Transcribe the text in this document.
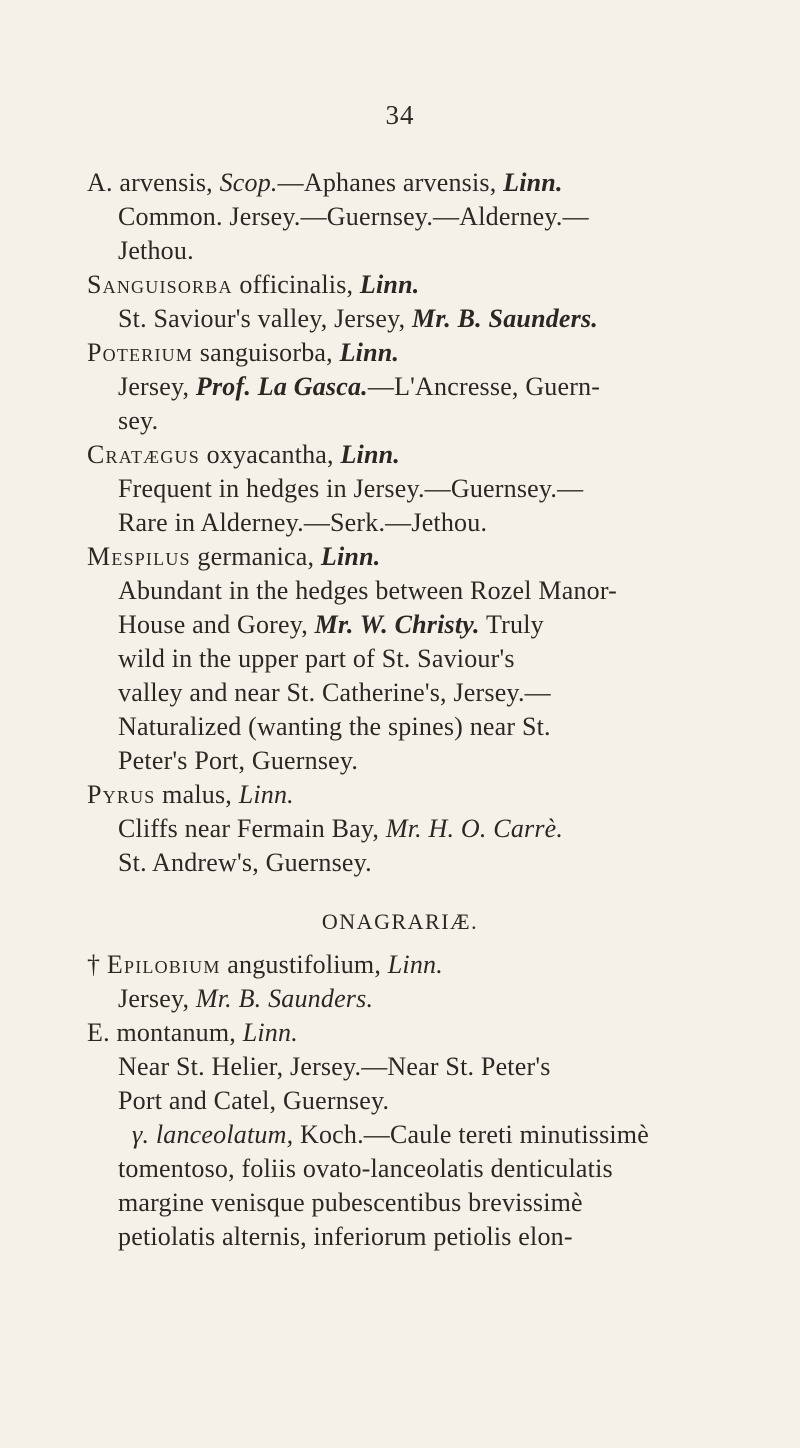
34
A. arvensis, Scop.—Aphanes arvensis, Linn.
Common. Jersey.—Guernsey.—Alderney.—
Jethou.
Sanguisorba officinalis, Linn.
St. Saviour's valley, Jersey, Mr. B. Saunders.
Poterium sanguisorba, Linn.
Jersey, Prof. La Gasca.—L'Ancresse, Guern-
sey.
Cratægus oxyacantha, Linn.
Frequent in hedges in Jersey.—Guernsey.—
Rare in Alderney.—Serk.—Jethou.
Mespilus germanica, Linn.
Abundant in the hedges between Rozel Manor-
House and Gorey, Mr. W. Christy. Truly
wild in the upper part of St. Saviour's
valley and near St. Catherine's, Jersey.—
Naturalized (wanting the spines) near St.
Peter's Port, Guernsey.
Pyrus malus, Linn.
Cliffs near Fermain Bay, Mr. H. O. Carrè.
St. Andrew's, Guernsey.
ONAGRARIÆ.
† Epilobium angustifolium, Linn.
Jersey, Mr. B. Saunders.
E. montanum, Linn.
Near St. Helier, Jersey.—Near St. Peter's
Port and Catel, Guernsey.
γ. lanceolatum, Koch.—Caule tereti minutissimè
tomentoso, foliis ovato-lanceolatis denticulatis
margine venisque pubescentibus brevissimè
petiolatis alternis, inferiorum petiolis elon-
